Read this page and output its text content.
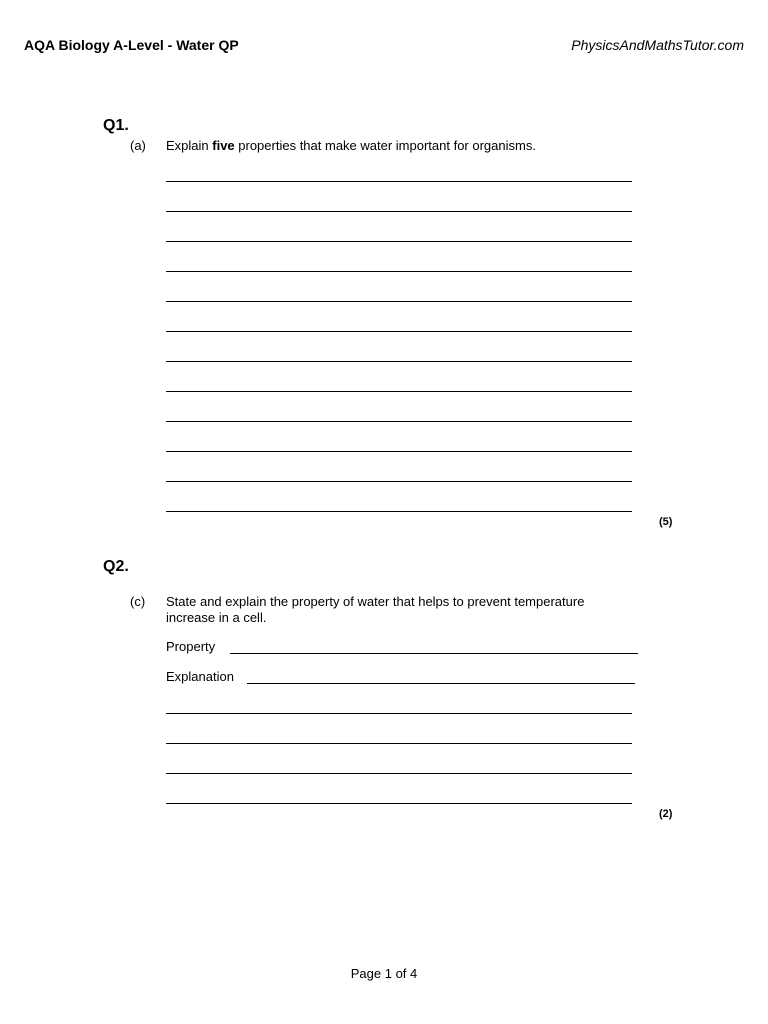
AQA Biology A-Level - Water QP	PhysicsAndMathsTutor.com
Q1.
(a) Explain five properties that make water important for organisms.
(5)
Q2.
(c) State and explain the property of water that helps to prevent temperature
increase in a cell.
Property
Explanation
(2)
Page 1 of 4
